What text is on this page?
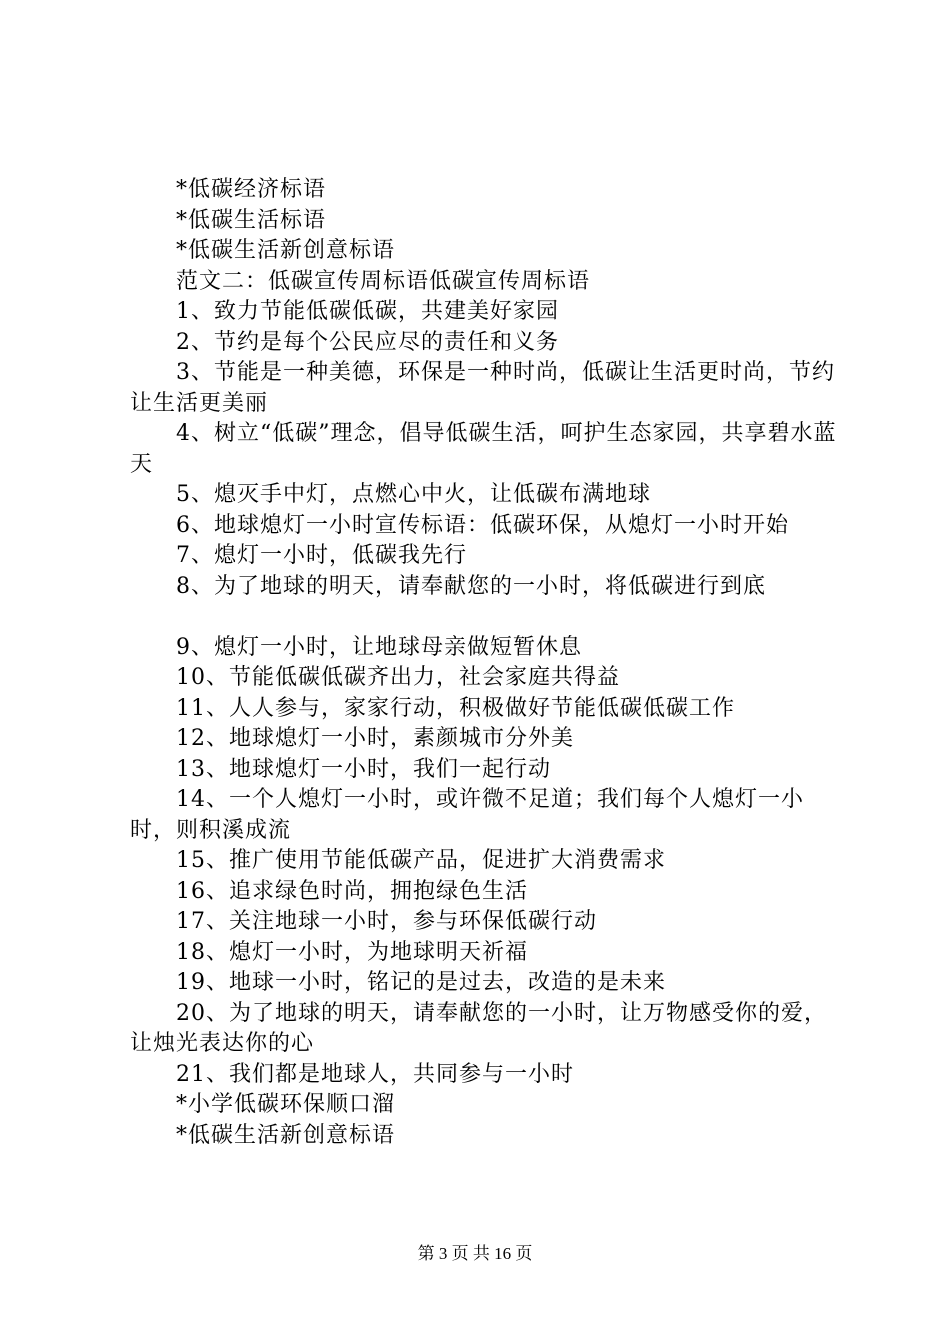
*低碳经济标语

*低碳生活标语

*低碳生活新创意标语

范文二：低碳宣传周标语低碳宣传周标语

1、致力节能低碳低碳，共建美好家园

2、节约是每个公民应尽的责任和义务

3、节能是一种美德，环保是一种时尚，低碳让生活更时尚，节约让生活更美丽

4、树立“低碳”理念，倡导低碳生活，呵护生态家园，共享碧水蓝天

5、熄灭手中灯，点燃心中火，让低碳布满地球

6、地球熄灯一小时宣传标语：低碳环保，从熄灯一小时开始

7、熄灯一小时，低碳我先行

8、为了地球的明天，请奉献您的一小时，将低碳进行到底

9、熄灯一小时，让地球母亲做短暂休息

10、节能低碳低碳齐出力，社会家庭共得益

11、人人参与，家家行动，积极做好节能低碳低碳工作

12、地球熄灯一小时，素颜城市分外美

13、地球熄灯一小时，我们一起行动

14、一个人熄灯一小时，或许微不足道；我们每个人熄灯一小时，则积溪成流

15、推广使用节能低碳产品，促进扩大消费需求

16、追求绿色时尚，拥抱绿色生活

17、关注地球一小时，参与环保低碳行动

18、熄灯一小时，为地球明天祈福

19、地球一小时，铭记的是过去，改造的是未来

20、为了地球的明天，请奉献您的一小时，让万物感受你的爱，让烛光表达你的心

21、我们都是地球人，共同参与一小时

*小学低碳环保顺口溜

*低碳生活新创意标语

第 3 页 共 16 页
